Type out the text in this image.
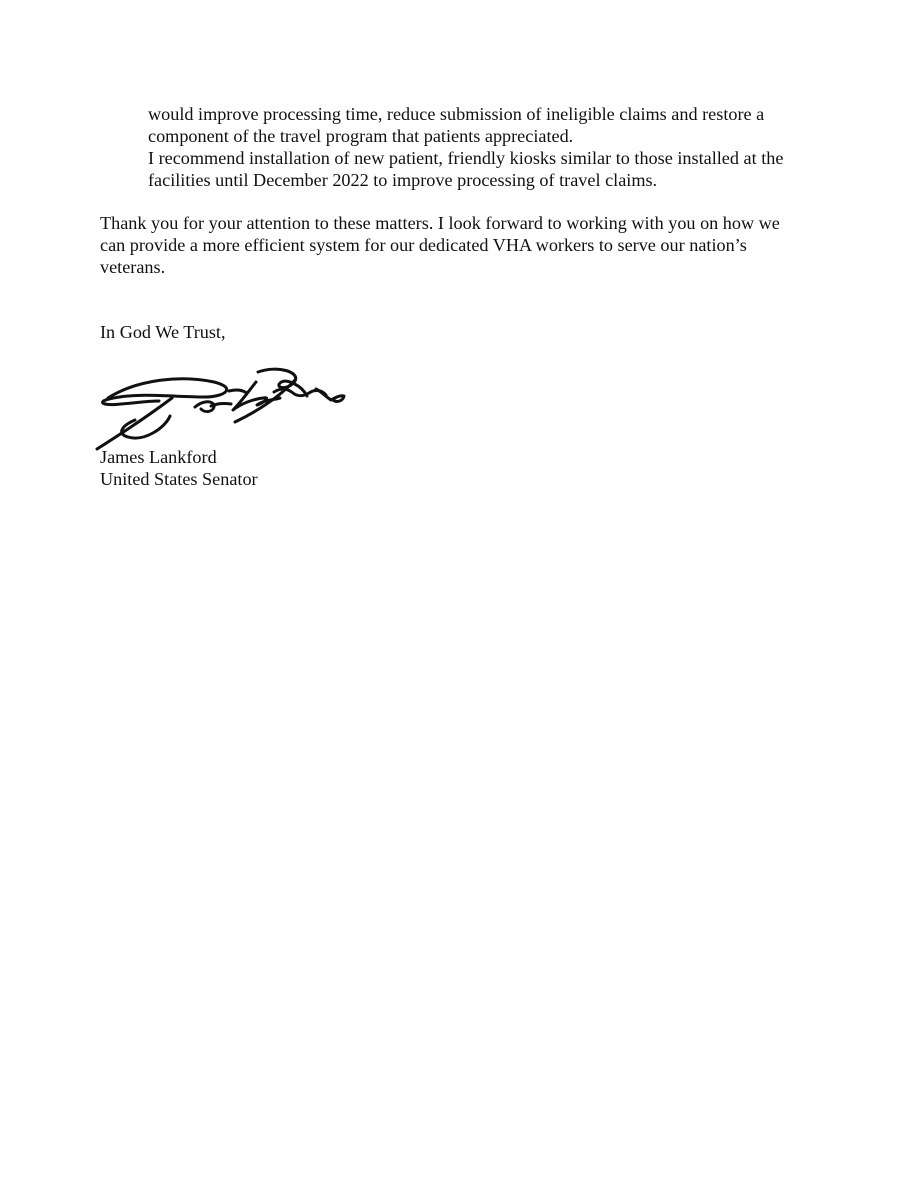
would improve processing time, reduce submission of ineligible claims and restore a
component of the travel program that patients appreciated.
I recommend installation of new patient, friendly kiosks similar to those installed at the
facilities until December 2022 to improve processing of travel claims.
Thank you for your attention to these matters. I look forward to working with you on how we
can provide a more efficient system for our dedicated VHA workers to serve our nation’s
veterans.
In God We Trust,
James Lankford
United States Senator
